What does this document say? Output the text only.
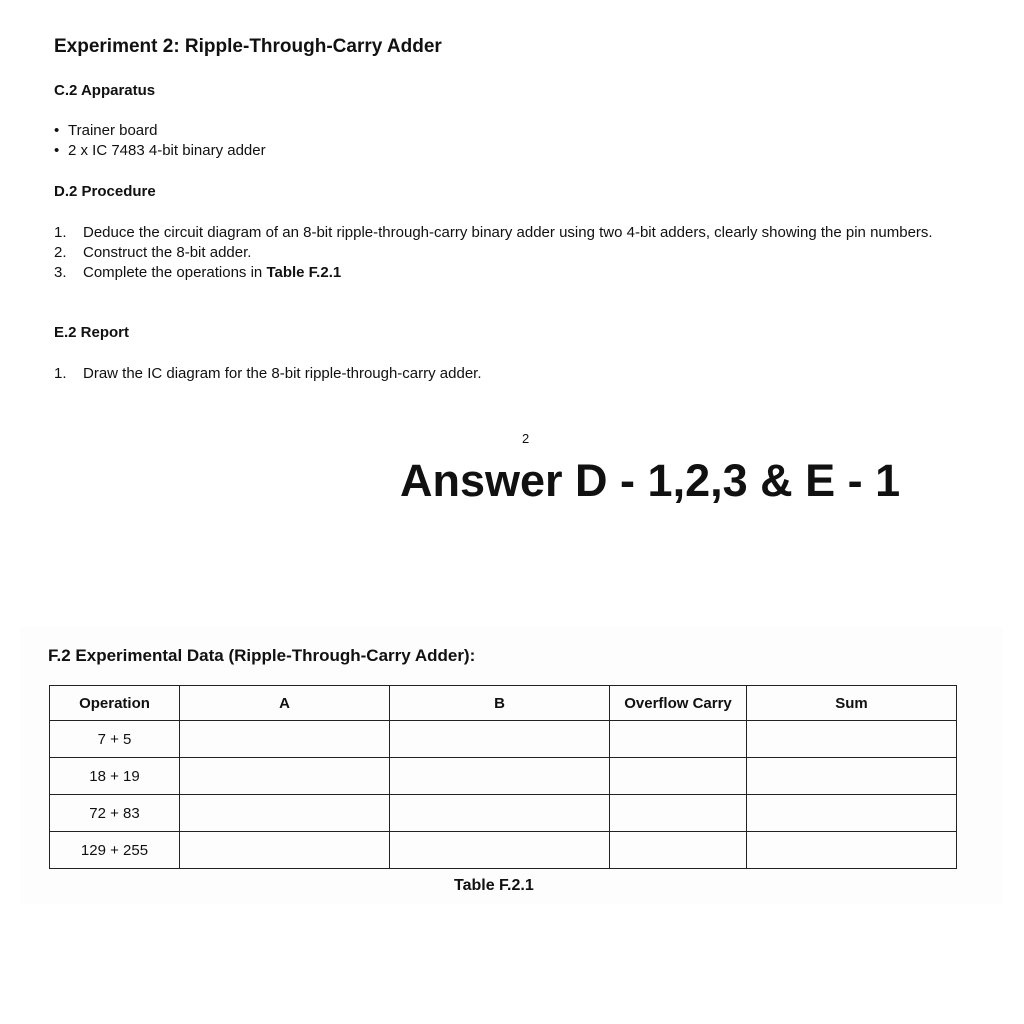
Experiment 2: Ripple-Through-Carry Adder
C.2 Apparatus
• Trainer board
• 2 x IC 7483 4-bit binary adder
D.2 Procedure
1. Deduce the circuit diagram of an 8-bit ripple-through-carry binary adder using two 4-bit adders, clearly showing the pin numbers.
2. Construct the 8-bit adder.
3. Complete the operations in Table F.2.1
E.2 Report
1. Draw the IC diagram for the 8-bit ripple-through-carry adder.
2
Answer D - 1,2,3 & E - 1
F.2 Experimental Data (Ripple-Through-Carry Adder):
Operation	A	B	Overflow Carry	Sum
7 + 5				
18 + 19				
72 + 83				
129 + 255				
Table F.2.1
